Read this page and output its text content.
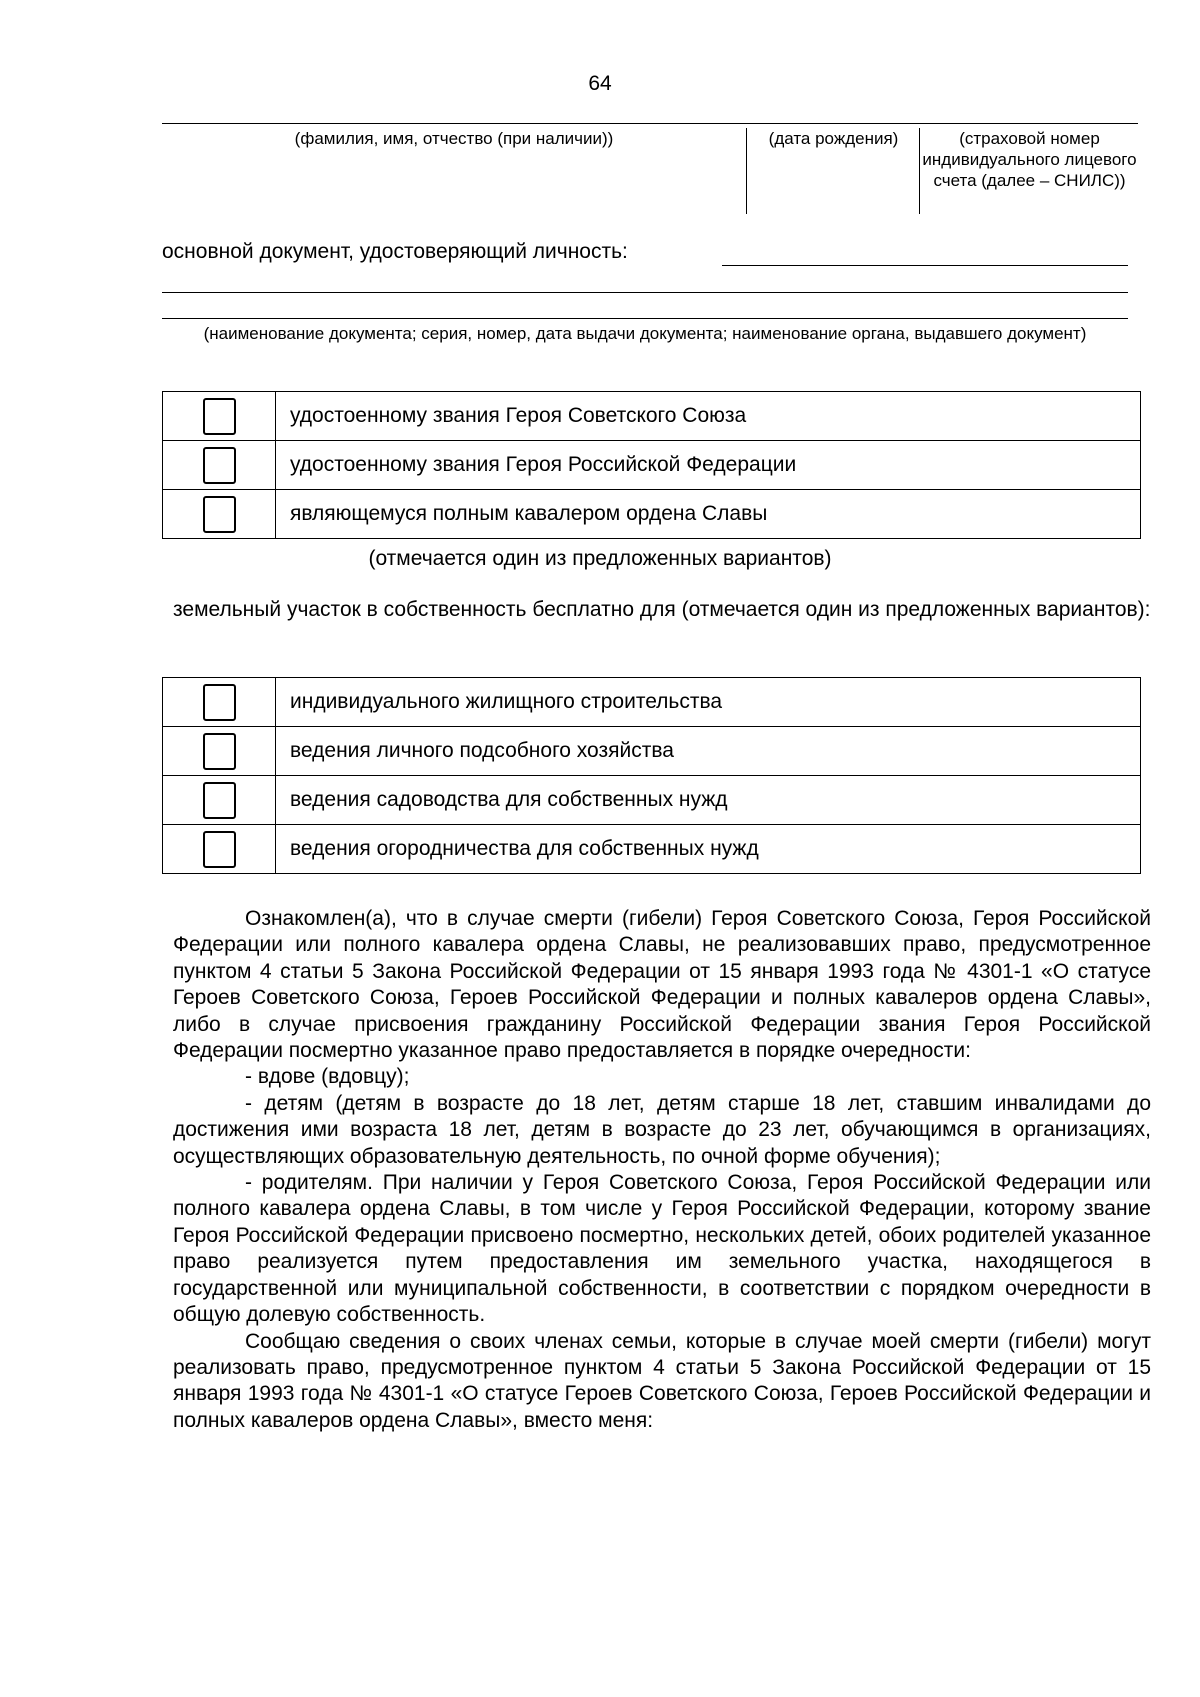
64
(фамилия, имя, отчество (при наличии))	(дата рождения)	(страховой номер индивидуального лицевого счета (далее – СНИЛС))
основной документ, удостоверяющий личность:
(наименование документа; серия, номер, дата выдачи документа; наименование органа, выдавшего документ)
	удостоенному звания Героя Советского Союза
	удостоенному звания Героя Российской Федерации
	являющемуся полным кавалером ордена Славы
(отмечается один из предложенных вариантов)

земельный участок в собственность бесплатно для (отмечается один из предложенных вариантов):

	индивидуального жилищного строительства
	ведения личного подсобного хозяйства
	ведения садоводства для собственных нужд
	ведения огородничества для собственных нужд

Ознакомлен(а), что в случае смерти (гибели) Героя Советского Союза, Героя Российской Федерации или полного кавалера ордена Славы, не реализовавших право, предусмотренное пунктом 4 статьи 5 Закона Российской Федерации от 15 января 1993 года № 4301-1 «О статусе Героев Советского Союза, Героев Российской Федерации и полных кавалеров ордена Славы», либо в случае присвоения гражданину Российской Федерации звания Героя Российской Федерации посмертно указанное право предоставляется в порядке очередности:

- вдове (вдовцу);

- детям (детям в возрасте до 18 лет, детям старше 18 лет, ставшим инвалидами до достижения ими возраста 18 лет, детям в возрасте до 23 лет, обучающимся в организациях, осуществляющих образовательную деятельность, по очной форме обучения);

- родителям. При наличии у Героя Советского Союза, Героя Российской Федерации или полного кавалера ордена Славы, в том числе у Героя Российской Федерации, которому звание Героя Российской Федерации присвоено посмертно, нескольких детей, обоих родителей указанное право реализуется путем предоставления им земельного участка, находящегося в государственной или муниципальной собственности, в соответствии с порядком очередности в общую долевую собственность.

Сообщаю сведения о своих членах семьи, которые в случае моей смерти (гибели) могут реализовать право, предусмотренное пунктом 4 статьи 5 Закона Российской Федерации от 15 января 1993 года № 4301-1 «О статусе Героев Советского Союза, Героев Российской Федерации и полных кавалеров ордена Славы», вместо меня:
